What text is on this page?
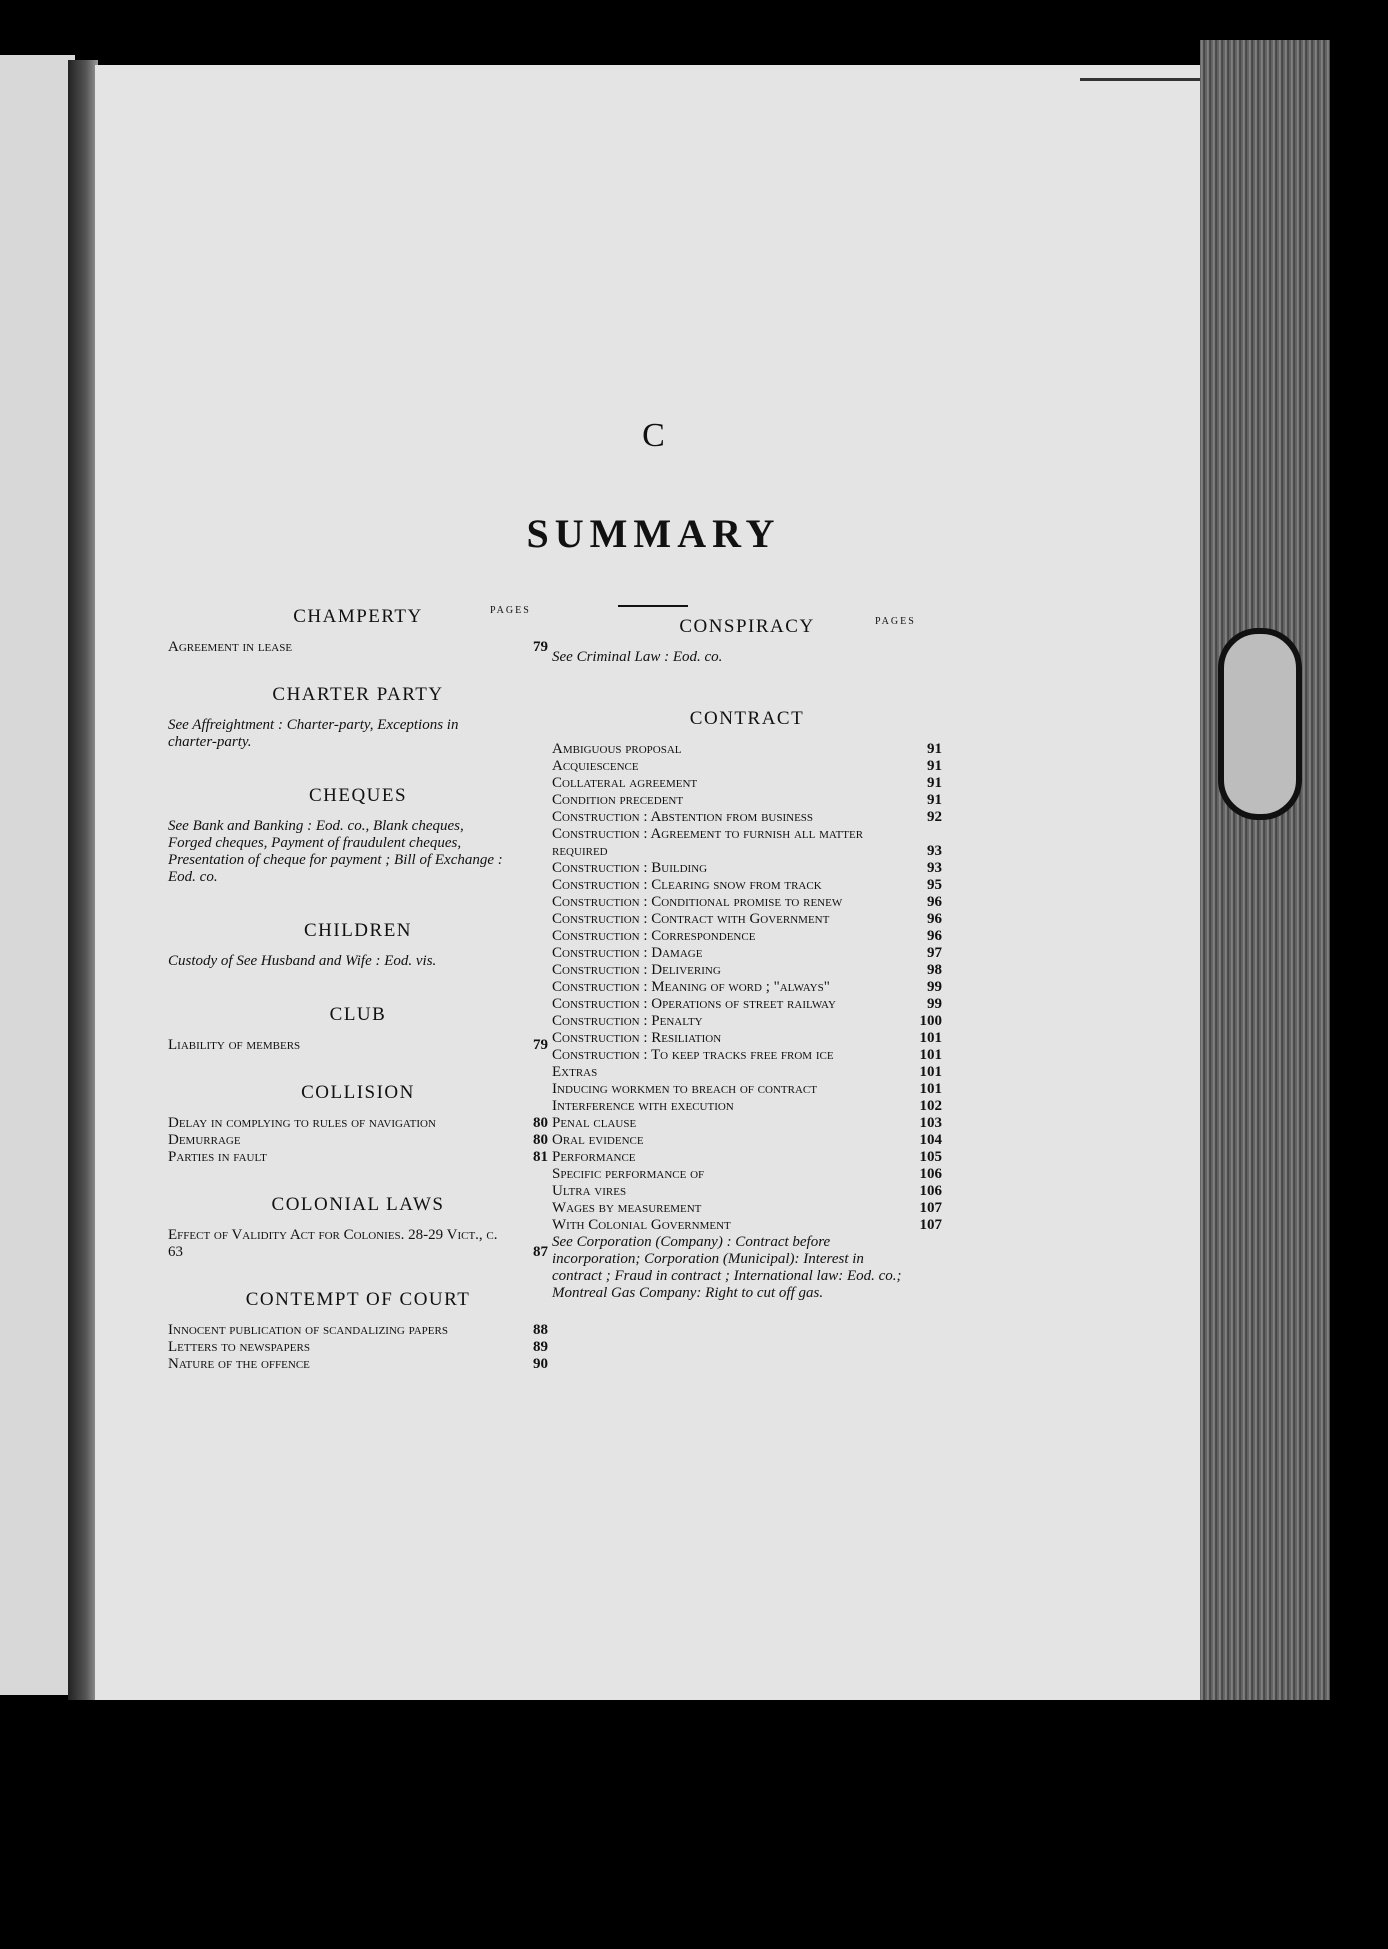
C
SUMMARY
PAGES
PAGES
CHAMPERTY
Agreement in lease	79
CHARTER PARTY
See Affreightment : Charter-party, Exceptions in charter-party.
CHEQUES
See Bank and Banking : Eod. co., Blank cheques, Forged cheques, Payment of fraudulent cheques, Presentation of cheque for payment ; Bill of Exchange : Eod. co.
CHILDREN
Custody of See Husband and Wife : Eod. vis.
CLUB
Liability of members	79
COLLISION
Delay in complying to rules of navigation	80
Demurrage	80
Parties in fault	81
COLONIAL LAWS
Effect of Validity Act for Colonies. 28-29 Vict., c. 63	87
CONTEMPT OF COURT
Innocent publication of scandalizing papers	88
Letters to newspapers	89
Nature of the offence	90
CONSPIRACY
See Criminal Law : Eod. co.
CONTRACT
Ambiguous proposal	91
Acquiescence	91
Collateral agreement	91
Condition precedent	91
Construction : Abstention from business	92
Construction : Agreement to furnish all matter required	93
Construction : Building	93
Construction : Clearing snow from track	95
Construction : Conditional promise to renew	96
Construction : Contract with Government	96
Construction : Correspondence	96
Construction : Damage	97
Construction : Delivering	98
Construction : Meaning of word ; "always"	99
Construction : Operations of street railway	99
Construction : Penalty	100
Construction : Resiliation	101
Construction : To keep tracks free from ice	101
Extras	101
Inducing workmen to breach of contract	101
Interference with execution	102
Penal clause	103
Oral evidence	104
Performance	105
Specific performance of	106
Ultra vires	106
Wages by measurement	107
With Colonial Government	107
See Corporation (Company) : Contract before incorporation; Corporation (Municipal): Interest in contract ; Fraud in contract ; International law: Eod. co.; Montreal Gas Company: Right to cut off gas.
